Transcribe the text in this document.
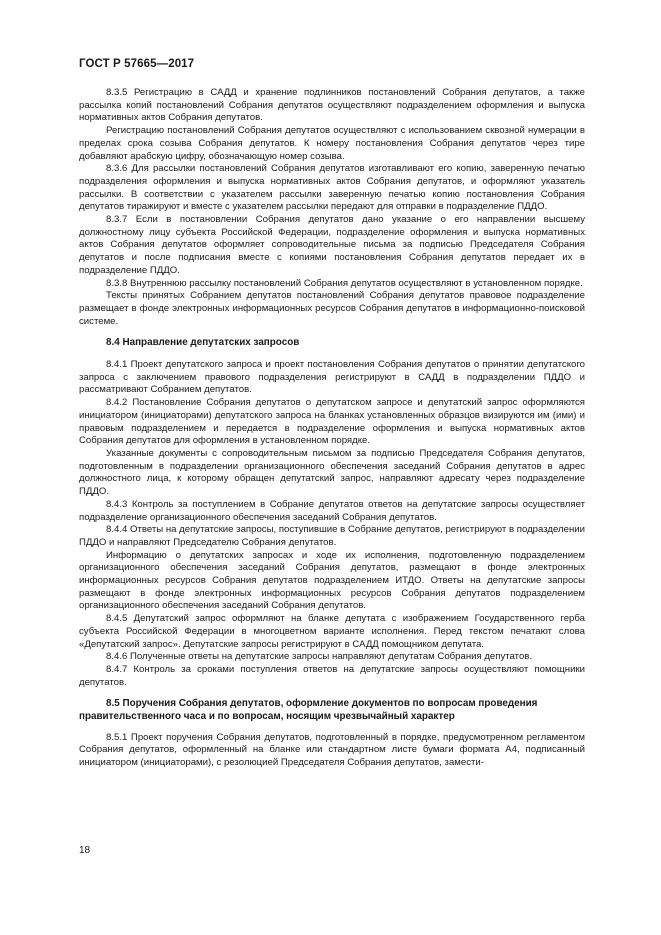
ГОСТ Р 57665—2017

8.3.5 Регистрацию в САДД и хранение подлинников постановлений Собрания депутатов, а также рассылка копий постановлений Собрания депутатов осуществляют подразделением оформления и выпуска нормативных актов Собрания депутатов.

Регистрацию постановлений Собрания депутатов осуществляют с использованием сквозной нумерации в пределах срока созыва Собрания депутатов. К номеру постановления Собрания депутатов через тире добавляют арабскую цифру, обозначающую номер созыва.

8.3.6 Для рассылки постановлений Собрания депутатов изготавливают его копию, заверенную печатью подразделения оформления и выпуска нормативных актов Собрания депутатов, и оформляют указатель рассылки. В соответствии с указателем рассылки заверенную печатью копию постановления Собрания депутатов тиражируют и вместе с указателем рассылки передают для отправки в подразделение ПДДО.

8.3.7 Если в постановлении Собрания депутатов дано указание о его направлении высшему должностному лицу субъекта Российской Федерации, подразделение оформления и выпуска нормативных актов Собрания депутатов оформляет сопроводительные письма за подписью Председателя Собрания депутатов и после подписания вместе с копиями постановления Собрания депутатов передает их в подразделение ПДДО.

8.3.8 Внутреннюю рассылку постановлений Собрания депутатов осуществляют в установленном порядке.

Тексты принятых Собранием депутатов постановлений Собрания депутатов правовое подразделение размещает в фонде электронных информационных ресурсов Собрания депутатов в информационно-поисковой системе.

8.4 Направление депутатских запросов

8.4.1 Проект депутатского запроса и проект постановления Собрания депутатов о принятии депутатского запроса с заключением правового подразделения регистрируют в САДД в подразделении ПДДО и рассматривают Собранием депутатов.

8.4.2 Постановление Собрания депутатов о депутатском запросе и депутатский запрос оформляются инициатором (инициаторами) депутатского запроса на бланках установленных образцов визируются им (ими) и правовым подразделением и передается в подразделение оформления и выпуска нормативных актов Собрания депутатов для оформления в установленном порядке.

Указанные документы с сопроводительным письмом за подписью Председателя Собрания депутатов, подготовленным в подразделении организационного обеспечения заседаний Собрания депутатов в адрес должностного лица, к которому обращен депутатский запрос, направляют адресату через подразделение ПДДО.

8.4.3 Контроль за поступлением в Собрание депутатов ответов на депутатские запросы осуществляет подразделение организационного обеспечения заседаний Собрания депутатов.

8.4.4 Ответы на депутатские запросы, поступившие в Собрание депутатов, регистрируют в подразделении ПДДО и направляют Председателю Собрания депутатов.

Информацию о депутатских запросах и ходе их исполнения, подготовленную подразделением организационного обеспечения заседаний Собрания депутатов, размещают в фонде электронных информационных ресурсов Собрания депутатов подразделением ИТДО. Ответы на депутатские запросы размещают в фонде электронных информационных ресурсов Собрания депутатов подразделением организационного обеспечения заседаний Собрания депутатов.

8.4.5 Депутатский запрос оформляют на бланке депутата с изображением Государственного герба субъекта Российской Федерации в многоцветном варианте исполнения. Перед текстом печатают слова «Депутатский запрос». Депутатские запросы регистрируют в САДД помощником депутата.

8.4.6 Полученные ответы на депутатские запросы направляют депутатам Собрания депутатов.

8.4.7 Контроль за сроками поступления ответов на депутатские запросы осуществляют помощники депутатов.

8.5 Поручения Собрания депутатов, оформление документов по вопросам проведения правительственного часа и по вопросам, носящим чрезвычайный характер

8.5.1 Проект поручения Собрания депутатов, подготовленный в порядке, предусмотренном регламентом Собрания депутатов, оформленный на бланке или стандартном листе бумаги формата А4, подписанный инициатором (инициаторами), с резолюцией Председателя Собрания депутатов, замести-

18
